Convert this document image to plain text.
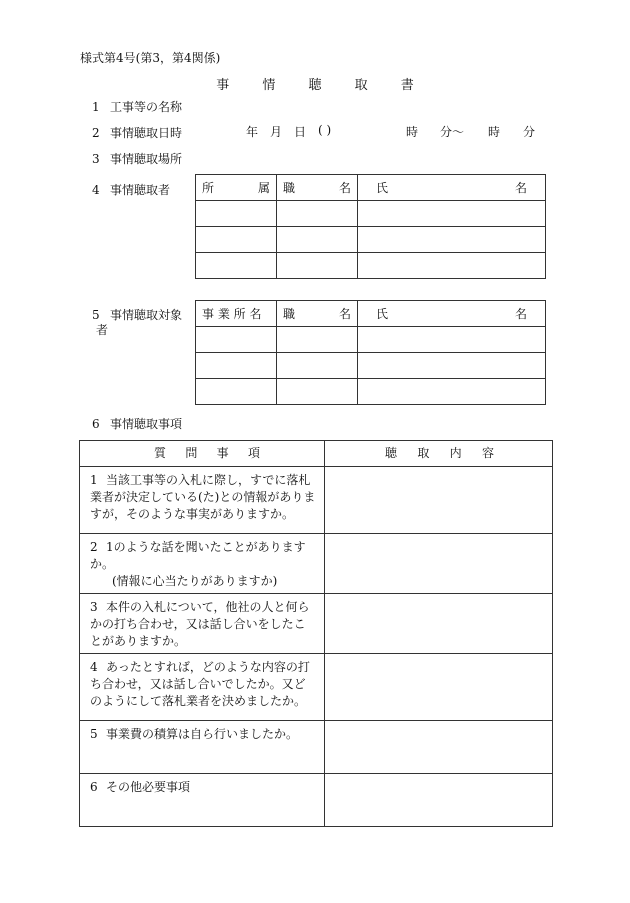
様式第4号(第3，第4関係)
事	情	聴	取	書
1 工事等の名称
2 事情聴取日時	年 月 日 ( )	時 分～ 時 分
3 事情聴取場所
4 事情聴取者	所 属	職 名	氏 名

5 事情聴取対象
者
事 業 所 名	職 名	氏 名

6 事情聴取事項
質 問 事 項	聴 取 内 容

1 当該工事等の入札に際し，すでに落札業者が決定している(た)との情報がありますが，そのような事実がありますか。	
2 1のような話を聞いたことがありますか。
(情報に心当たりがありますか)	

3 本件の入札について，他社の人と何らかの打ち合わせ，又は話し合いをしたことがありますか。	
4 あったとすれば，どのような内容の打ち合わせ，又は話し合いでしたか。又どのようにして落札業者を決めましたか。	
5 事業費の積算は自ら行いましたか。	
6 その他必要事項	
